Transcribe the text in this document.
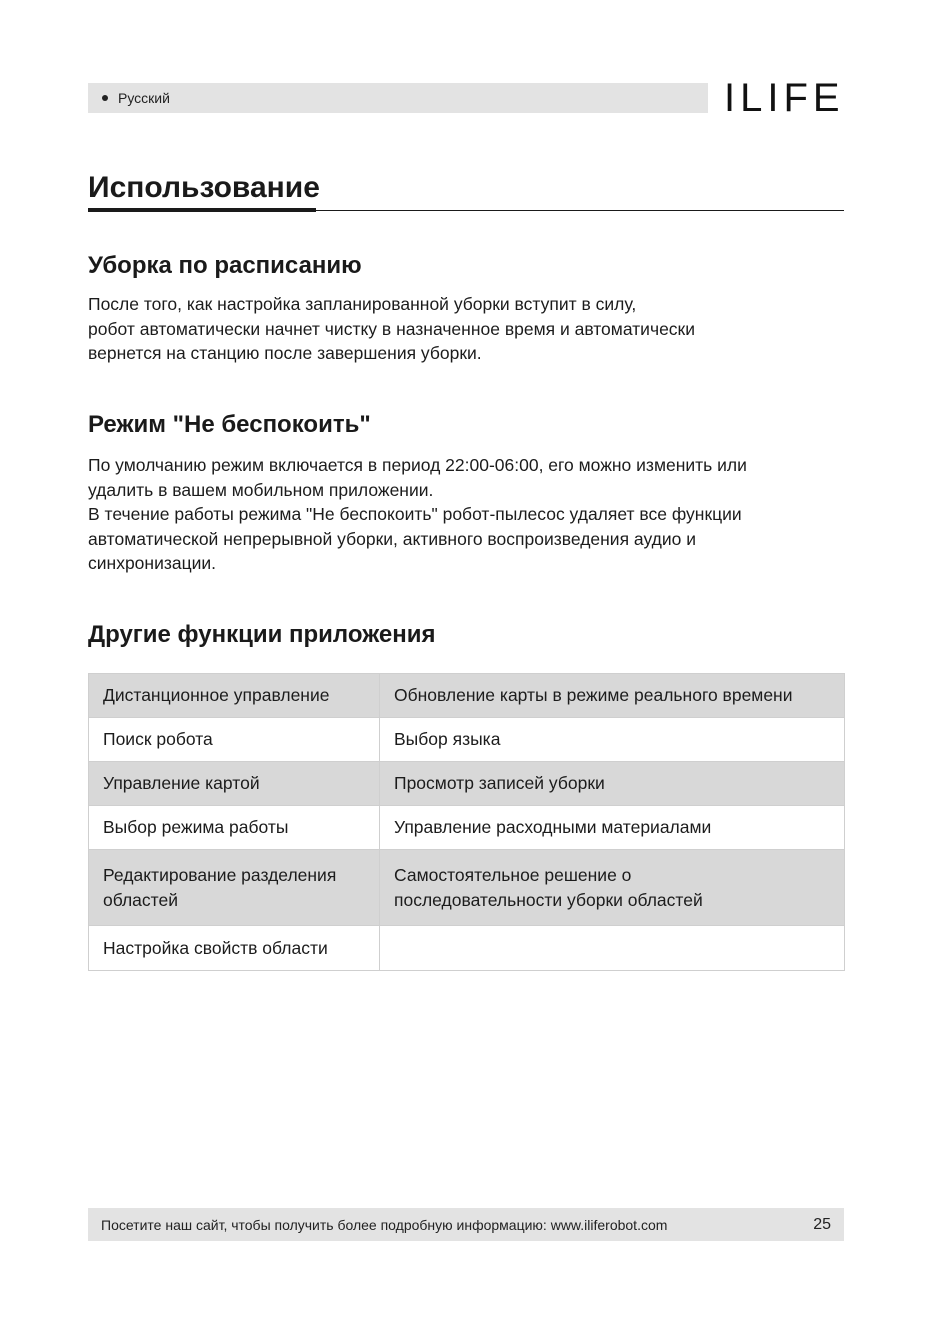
Русский	ILIFE
Использование
Уборка по расписанию

После того, как настройка запланированной уборки вступит в силу,

робот автоматически начнет чистку в назначенное время и автоматически

вернется на станцию после завершения уборки.

Режим "Не беспокоить"

По умолчанию режим включается в период 22:00-06:00, его можно изменить или

удалить в вашем мобильном приложении.

В течение работы режима "Не беспокоить" робот-пылесос удаляет все функции

автоматической непрерывной уборки, активного воспроизведения аудио и

синхронизации.

Другие функции приложения
Дистанционное управление	Обновление карты в режиме реального времени
Поиск робота	Выбор языка
Управление картой	Просмотр записей уборки
Выбор режима работы	Управление расходными материалами
Редактирование разделения
областей	Самостоятельное решение о
последовательности уборки областей
Настройка свойств области	
Посетите наш сайт, чтобы получить более подробную информацию: www.iliferobot.com	25
